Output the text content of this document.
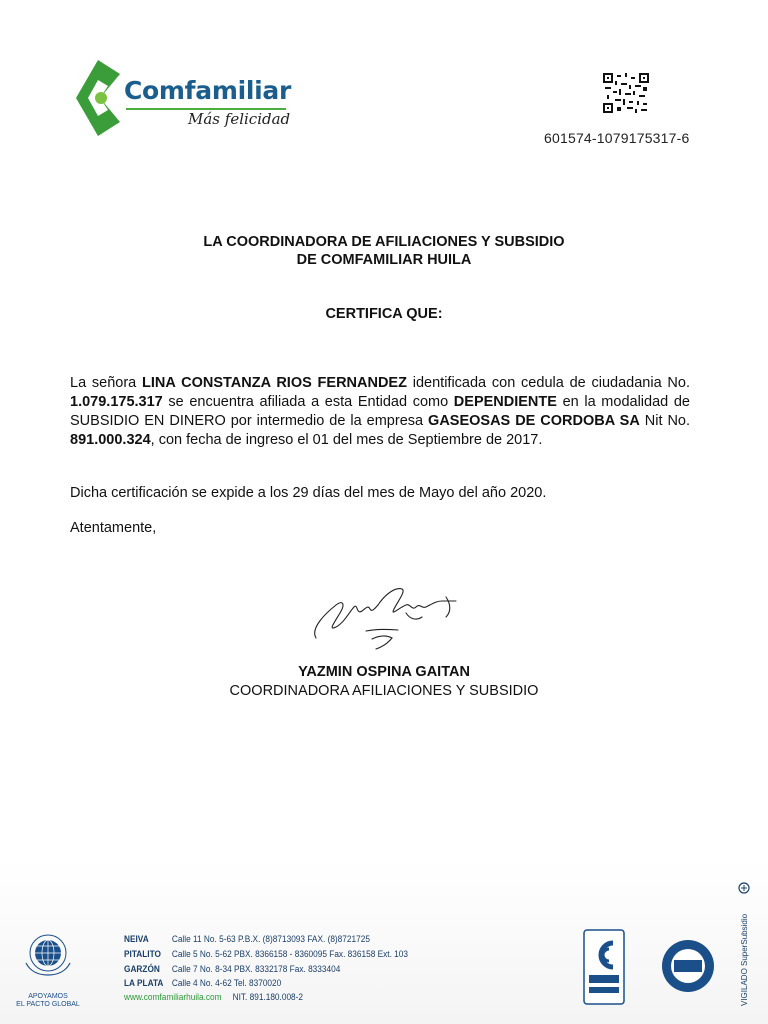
Comfamiliar
Más felicidad
601574-1079175317-6
LA COORDINADORA DE AFILIACIONES Y SUBSIDIO
DE COMFAMILIAR HUILA
CERTIFICA QUE:
La señora LINA CONSTANZA RIOS FERNANDEZ identificada con cedula de ciudadania No. 1.079.175.317 se encuentra afiliada a esta Entidad como DEPENDIENTE en la modalidad de SUBSIDIO EN DINERO por intermedio de la empresa GASEOSAS DE CORDOBA SA Nit No. 891.000.324, con fecha de ingreso el 01 del mes de Septiembre de 2017.
Dicha certificación se expide a los 29 días del mes de Mayo del año 2020.
Atentamente,
YAZMIN OSPINA GAITAN
COORDINADORA AFILIACIONES Y SUBSIDIO
APOYAMOS
EL PACTO GLOBAL
NEIVA	Calle 11 No. 5-63 P.B.X. (8)8713093 FAX. (8)8721725
PITALITO Calle 5 No. 5-62 PBX. 8366158 - 8360095 Fax. 836158 Ext. 103
GARZÓN Calle 7 No. 8-34 PBX. 8332178 Fax. 8333404
LA PLATA Calle 4 No. 4-62 Tel. 8370020
www.comfamiliarhuila.com NIT. 891.180.008-2	VIGILADO SuperSubsidio
